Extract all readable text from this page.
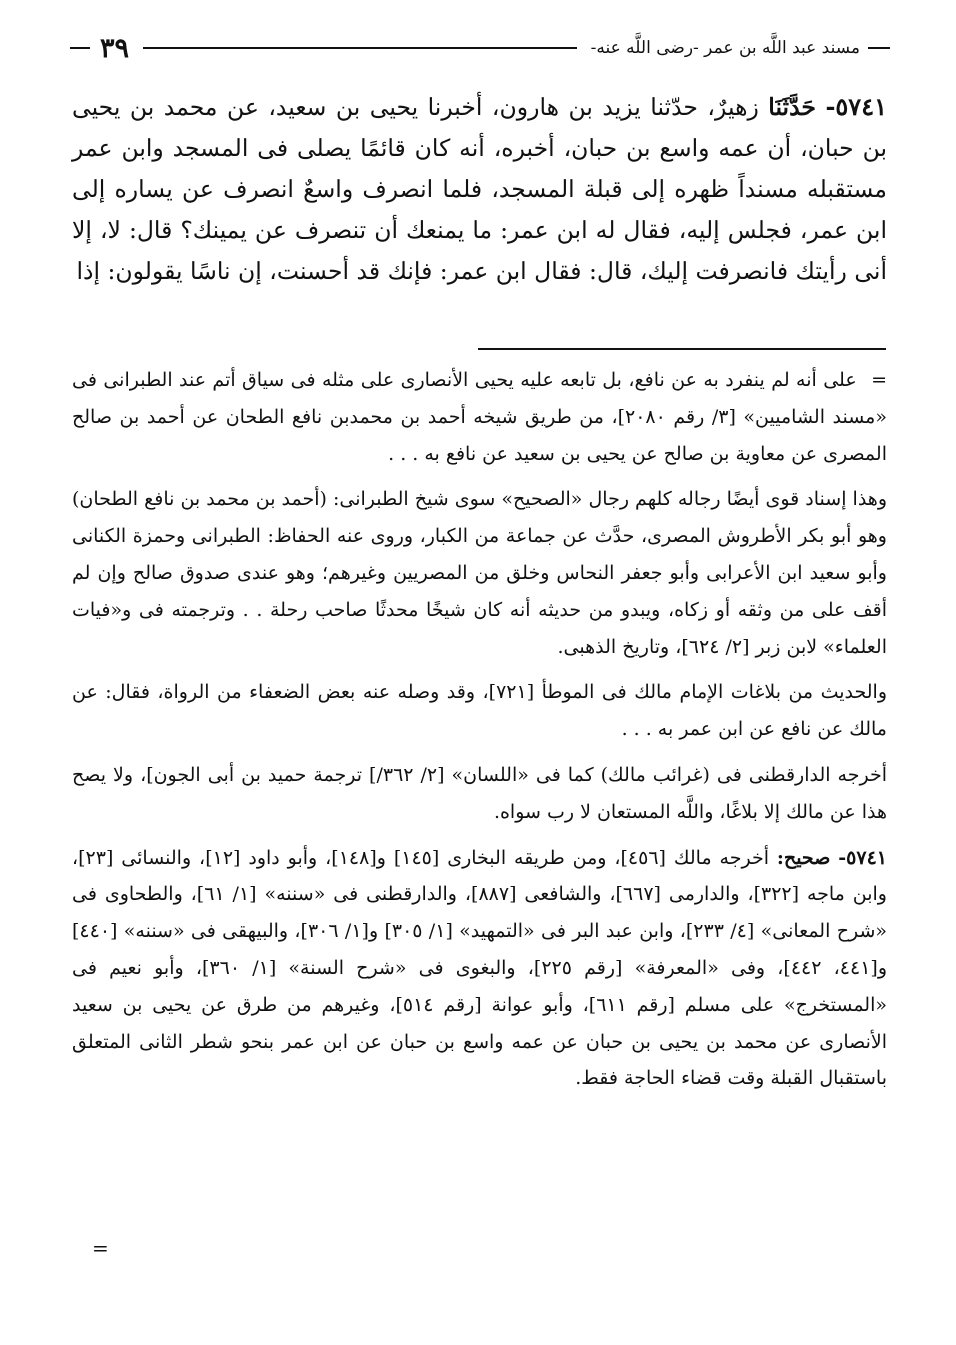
مسند عبد اللَّه بن عمر -رضى اللَّه عنه-
٣٩
٥٧٤١- حَدَّثَنَا زهيرٌ، حدّثنا يزيد بن هارون، أخبرنا يحيى بن سعيد، عن محمد بن يحيى بن حبان، أن عمه واسع بن حبان، أخبره، أنه كان قائمًا يصلى فى المسجد وابن عمر مستقبله مسنداً ظهره إلى قبلة المسجد، فلما انصرف واسعٌ انصرف عن يساره إلى ابن عمر، فجلس إليه، فقال له ابن عمر: ما يمنعك أن تنصرف عن يمينك؟ قال: لا، إلا أنى رأيتك فانصرفت إليك، قال: فقال ابن عمر: فإنك قد أحسنت، إن ناسًا يقولون: إذا

= على أنه لم ينفرد به عن نافع، بل تابعه عليه يحيى الأنصارى على مثله فى سياق أتم عند الطبرانى فى «مسند الشاميين» [٣/ رقم ٢٠٨٠]، من طريق شيخه أحمد بن محمدبن نافع الطحان عن أحمد بن صالح المصرى عن معاوية بن صالح عن يحيى بن سعيد عن نافع به . . .

وهذا إسناد قوى أيضًا رجاله كلهم رجال «الصحيح» سوى شيخ الطبرانى: (أحمد بن محمد بن نافع الطحان) وهو أبو بكر الأطروش المصرى، حدَّث عن جماعة من الكبار، وروى عنه الحفاظ: الطبرانى وحمزة الكنانى وأبو سعيد ابن الأعرابى وأبو جعفر النحاس وخلق من المصريين وغيرهم؛ وهو عندى صدوق صالح وإن لم أقف على من وثقه أو زكاه، ويبدو من حديثه أنه كان شيخًا محدثًا صاحب رحلة . . وترجمته فى و«فيات العلماء» لابن زبر [٢/ ٦٢٤]، وتاريخ الذهبى.

والحديث من بلاغات الإمام مالك فى الموطأ [٧٢١]، وقد وصله عنه بعض الضعفاء من الرواة، فقال: عن مالك عن نافع عن ابن عمر به . . .

أخرجه الدارقطنى فى (غرائب مالك) كما فى «اللسان» [٢/ ٣٦٢/] ترجمة حميد بن أبى الجون]، ولا يصح هذا عن مالك إلا بلاغًا، واللَّه المستعان لا رب سواه.

٥٧٤١- صحيح: أخرجه مالك [٤٥٦]، ومن طريقه البخارى [١٤٥] و[١٤٨]، وأبو داود [١٢]، والنسائى [٢٣]، وابن ماجه [٣٢٢]، والدارمى [٦٦٧]، والشافعى [٨٨٧]، والدارقطنى فى «سننه» [١/ ٦١]، والطحاوى فى «شرح المعانى» [٤/ ٢٣٣]، وابن عبد البر فى «التمهيد» [١/ ٣٠٥] و[١/ ٣٠٦]، والبيهقى فى «سننه» [٤٤٠] و[٤٤١، ٤٤٢]، وفى «المعرفة» [رقم ٢٢٥]، والبغوى فى «شرح السنة» [١/ ٣٦٠]، وأبو نعيم فى «المستخرج» على مسلم [رقم ٦١١]، وأبو عوانة [رقم ٥١٤]، وغيرهم من طرق عن يحيى بن سعيد الأنصارى عن محمد بن يحيى بن حبان عن عمه واسع بن حبان عن ابن عمر بنحو شطر الثانى المتعلق باستقبال القبلة وقت قضاء الحاجة فقط.

=
